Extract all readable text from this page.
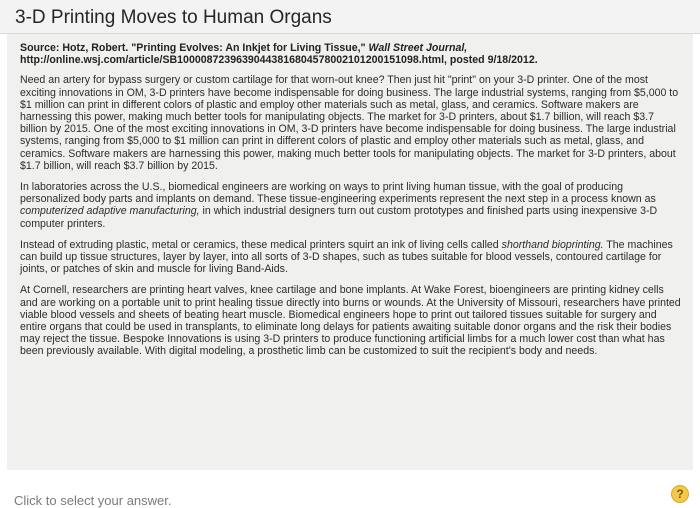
3-D Printing Moves to Human Organs

Source: Hotz, Robert. "Printing Evolves: An Inkjet for Living Tissue," Wall Street Journal, http://online.wsj.com/article/SB10000872396390443816804578002101200151098.html, posted 9/18/2012.

Need an artery for bypass surgery or custom cartilage for that worn-out knee? Then just hit "print" on your 3-D printer. One of the most exciting innovations in OM, 3-D printers have become indispensable for doing business. The large industrial systems, ranging from $5,000 to $1 million can print in different colors of plastic and employ other materials such as metal, glass, and ceramics. Software makers are harnessing this power, making much better tools for manipulating objects. The market for 3-D printers, about $1.7 billion, will reach $3.7 billion by 2015. One of the most exciting innovations in OM, 3-D printers have become indispensable for doing business. The large industrial systems, ranging from $5,000 to $1 million can print in different colors of plastic and employ other materials such as metal, glass, and ceramics. Software makers are harnessing this power, making much better tools for manipulating objects. The market for 3-D printers, about $1.7 billion, will reach $3.7 billion by 2015.

In laboratories across the U.S., biomedical engineers are working on ways to print living human tissue, with the goal of producing personalized body parts and implants on demand. These tissue-engineering experiments represent the next step in a process known as computerized adaptive manufacturing, in which industrial designers turn out custom prototypes and finished parts using inexpensive 3-D computer printers.

Instead of extruding plastic, metal or ceramics, these medical printers squirt an ink of living cells called shorthand bioprinting. The machines can build up tissue structures, layer by layer, into all sorts of 3-D shapes, such as tubes suitable for blood vessels, contoured cartilage for joints, or patches of skin and muscle for living Band-Aids.

At Cornell, researchers are printing heart valves, knee cartilage and bone implants. At Wake Forest, bioengineers are printing kidney cells and are working on a portable unit to print healing tissue directly into burns or wounds. At the University of Missouri, researchers have printed viable blood vessels and sheets of beating heart muscle. Biomedical engineers hope to print out tailored tissues suitable for surgery and entire organs that could be used in transplants, to eliminate long delays for patients awaiting suitable donor organs and the risk their bodies may reject the tissue. Bespoke Innovations is using 3-D printers to produce functioning artificial limbs for a much lower cost than what has been previously available. With digital modeling, a prosthetic limb can be customized to suit the recipient's body and needs.

Click to select your answer.	?
